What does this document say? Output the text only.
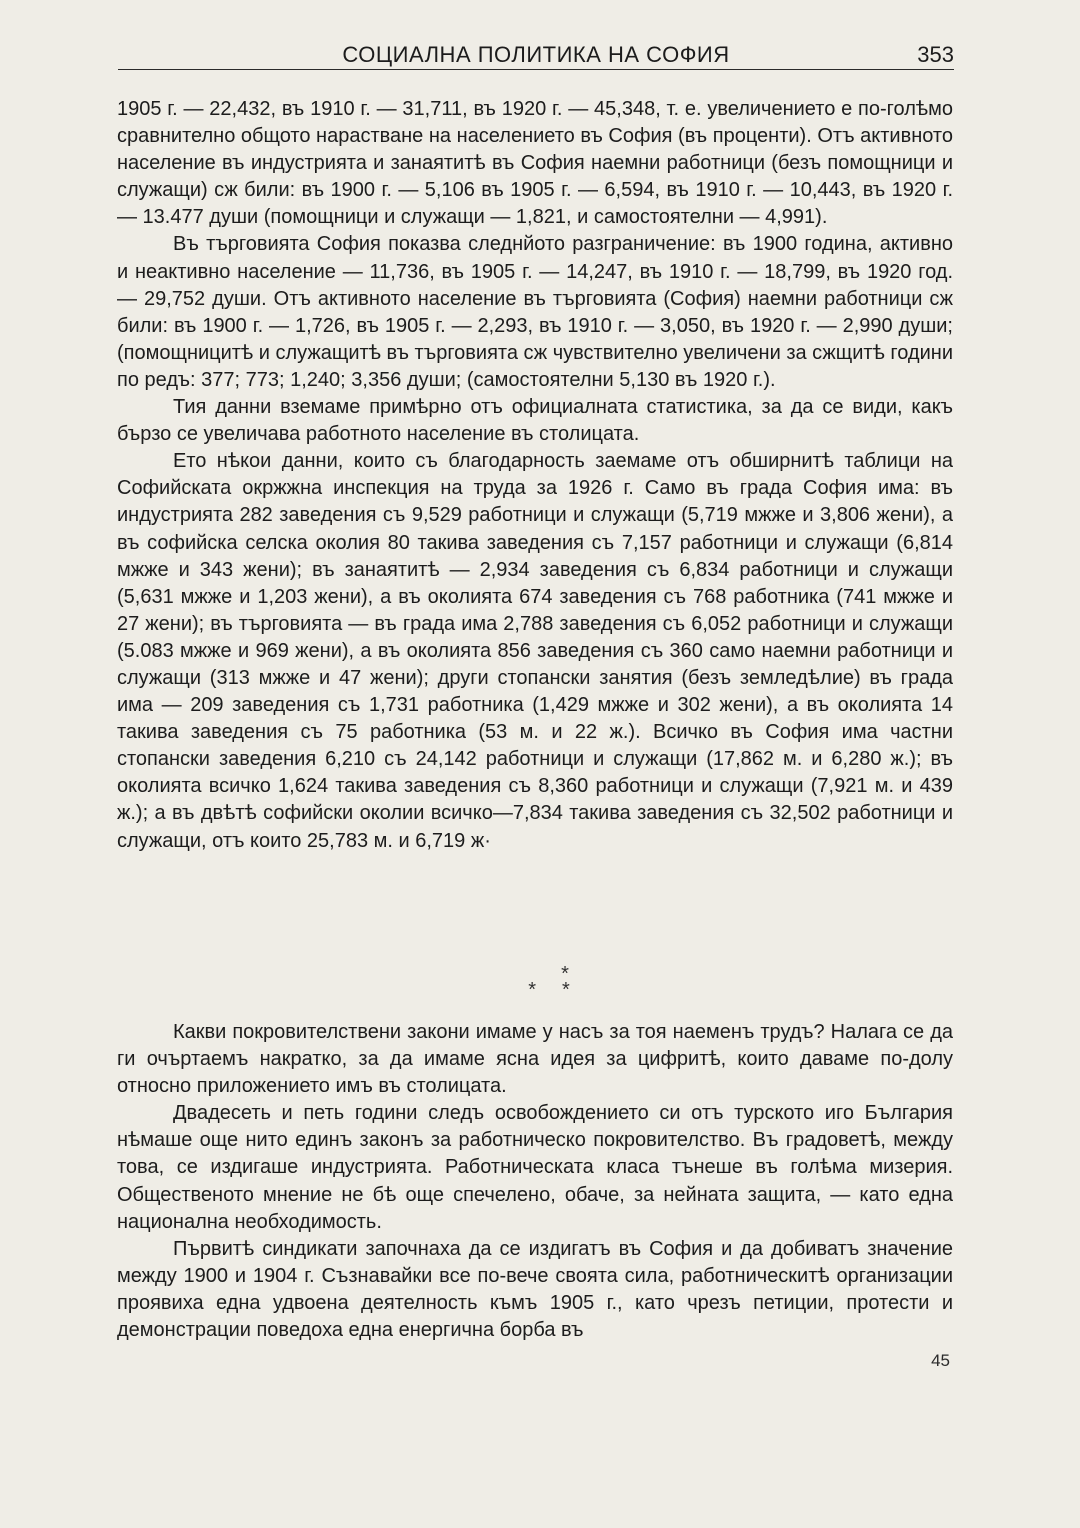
СОЦИАЛНА ПОЛИТИКА НА СОФИЯ	353

1905 г. — 22,432, въ 1910 г. — 31,711, въ 1920 г. — 45,348, т. е. увеличението е по-голѣмо сравнително общото нарастване на населението въ София (въ проценти). Отъ активното население въ индустрията и занаятитѣ въ София наемни работници (безъ помощници и служащи) сж били: въ 1900 г. — 5,106 въ 1905 г. — 6,594, въ 1910 г. — 10,443, въ 1920 г. — 13.477 души (помощници и служащи — 1,821, и самостоятелни — 4,991).

Въ търговията София показва следнйото разграничение: въ 1900 година, активно и неактивно население — 11,736, въ 1905 г. — 14,247, въ 1910 г. — 18,799, въ 1920 год. — 29,752 души. Отъ активното население въ търговията (София) наемни работници сж били: въ 1900 г. — 1,726, въ 1905 г. — 2,293, въ 1910 г. — 3,050, въ 1920 г. — 2,990 души; (помощницитѣ и служащитѣ въ търговията сж чувствително увеличени за сжщитѣ години по редъ: 377; 773; 1,240; 3,356 души; (самостоятелни 5,130 въ 1920 г.).

Тия данни вземаме примѣрно отъ официалната статистика, за да се види, какъ бързо се увеличава работното население въ столицата.

Ето нѣкои данни, които съ благодарность заемаме отъ обширнитѣ таблици на Софийската окржжна инспекция на труда за 1926 г. Само въ града София има: въ индустрията 282 заведения съ 9,529 работници и служащи (5,719 мжже и 3,806 жени), а въ софийска селска околия 80 такива заведения съ 7,157 работници и служащи (6,814 мжже и 343 жени); въ занаятитѣ — 2,934 заведения съ 6,834 работници и служащи (5,631 мжже и 1,203 жени), а въ околията 674 заведения съ 768 работника (741 мжже и 27 жени); въ търговията — въ града има 2,788 заведения съ 6,052 работници и служащи (5.083 мжже и 969 жени), а въ околията 856 заведения съ 360 само наемни работници и служащи (313 мжже и 47 жени); други стопански занятия (безъ земледѣлие) въ града има — 209 заведения съ 1,731 работника (1,429 мжже и 302 жени), а въ околията 14 такива заведения съ 75 работника (53 м. и 22 ж.). Всичко въ София има частни стопански заведения 6,210 съ 24,142 работници и служащи (17,862 м. и 6,280 ж.); въ околията всичко 1,624 такива заведения съ 8,360 работници и служащи (7,921 м. и 439 ж.); а въ двѣтѣ софийски околии всичко—7,834 такива заведения съ 32,502 работници и служащи, отъ които 25,783 м. и 6,719 ж·

*
**

Какви покровителствени закони имаме у насъ за тоя наеменъ трудъ? Налага се да ги очъртаемъ накратко, за да имаме ясна идея за цифритѣ, които даваме по-долу относно приложението имъ въ столицата.

Двадесеть и петь години следъ освобождението си отъ турското иго България нѣмаше още нито единъ законъ за работническо покровителство. Въ градоветѣ, между това, се издигаше индустрията. Работническата класа тънеше въ голѣма мизерия. Общественото мнение не бѣ още спечелено, обаче, за нейната защита, — като една национална необходимость.

Първитѣ синдикати започнаха да се издигатъ въ София и да добиватъ значение между 1900 и 1904 г. Съзнавайки все по-вече своята сила, работническитѣ организации проявиха една удвоена деятелность къмъ 1905 г., като чрезъ петиции, протести и демонстрации поведоха една енергична борба въ

45
